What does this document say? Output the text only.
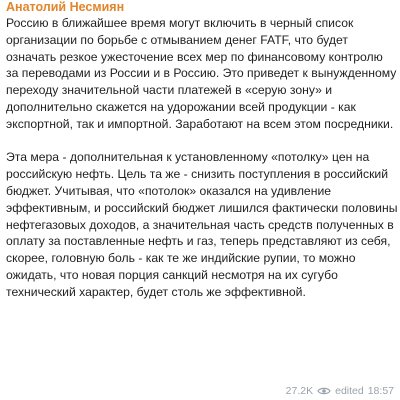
Анатолий Несмиян

Россию в ближайшее время могут включить в черный список организации по борьбе с отмыванием денег FATF, что будет означать резкое ужесточение всех мер по финансовому контролю за переводами из России и в Россию. Это приведет к вынужденному переходу значительной части платежей в «серую зону» и дополнительно скажется на удорожании всей продукции - как экспортной, так и импортной. Заработают на всем этом посредники.

Эта мера - дополнительная к установленному «потолку» цен на российскую нефть. Цель та же - снизить поступления в российский бюджет. Учитывая, что «потолок» оказался на удивление эффективным, и российский бюджет лишился фактически половины нефтегазовых доходов, а значительная часть средств полученных в оплату за поставленные нефть и газ, теперь представляют из себя, скорее, головную боль - как те же индийские рупии, то можно ожидать, что новая порция санкций несмотря на их сугубо технический характер, будет столь же эффективной.

27.2K edited 18:57
